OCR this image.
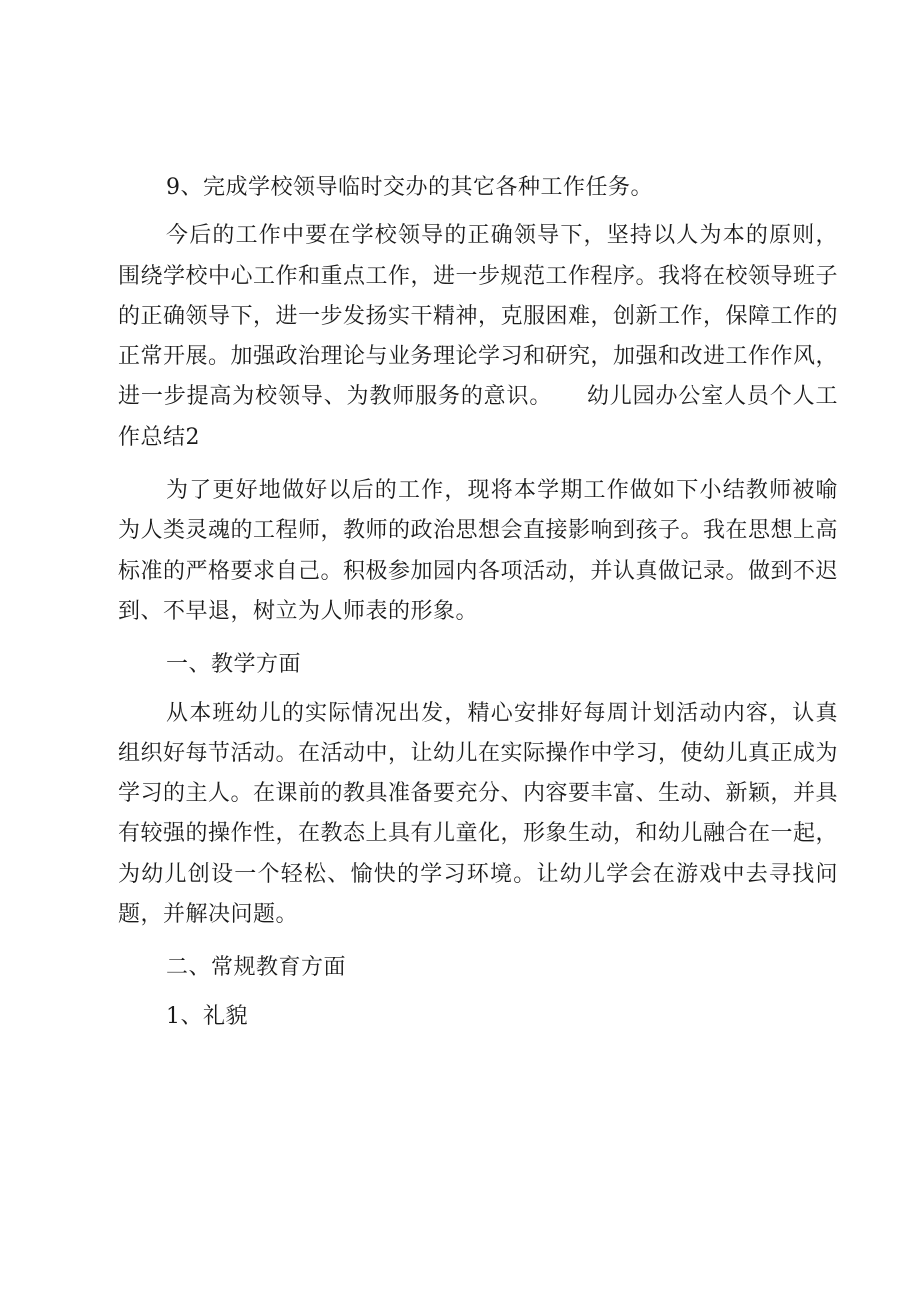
9、完成学校领导临时交办的其它各种工作任务。

今后的工作中要在学校领导的正确领导下，坚持以人为本的原则，围绕学校中心工作和重点工作，进一步规范工作程序。我将在校领导班子的正确领导下，进一步发扬实干精神，克服困难，创新工作，保障工作的正常开展。加强政治理论与业务理论学习和研究，加强和改进工作作风，进一步提高为校领导、为教师服务的意识。　　幼儿园办公室人员个人工作总结2

为了更好地做好以后的工作，现将本学期工作做如下小结教师被喻为人类灵魂的工程师，教师的政治思想会直接影响到孩子。我在思想上高标准的严格要求自己。积极参加园内各项活动，并认真做记录。做到不迟到、不早退，树立为人师表的形象。

一、教学方面

从本班幼儿的实际情况出发，精心安排好每周计划活动内容，认真组织好每节活动。在活动中，让幼儿在实际操作中学习，使幼儿真正成为学习的主人。在课前的教具准备要充分、内容要丰富、生动、新颖，并具有较强的操作性，在教态上具有儿童化，形象生动，和幼儿融合在一起，为幼儿创设一个轻松、愉快的学习环境。让幼儿学会在游戏中去寻找问题，并解决问题。

二、常规教育方面

1、礼貌
